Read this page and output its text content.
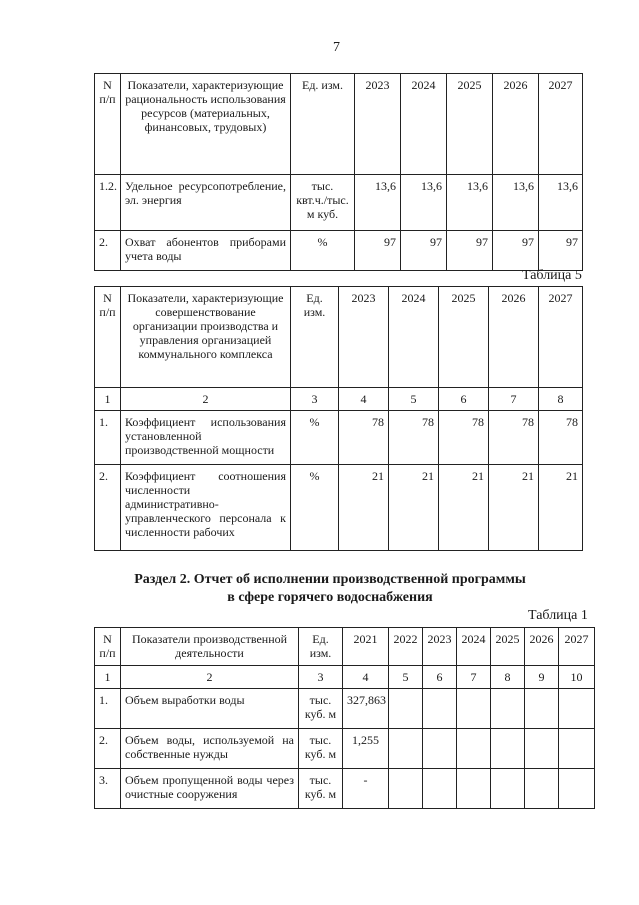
7
N п/п	Показатели, характеризующие рациональность использования ресурсов (материальных, финансовых, трудовых)	Ед. изм.	2023	2024	2025	2026	2027
1.2.	Удельное ресурсопотребление, эл. энергия	тыс. квт.ч./тыс. м куб.	13,6	13,6	13,6	13,6	13,6
2.	Охват абонентов приборами учета воды	%	97	97	97	97	97
Таблица 5
N п/п	Показатели, характеризующие совершенствование организации производства и управления организацией коммунального комплекса	Ед. изм.	2023	2024	2025	2026	2027
1	2	3	4	5	6	7	8
1.	Коэффициент использования установленной производственной мощности	%	78	78	78	78	78
2.	Коэффициент соотношения численности административно-управленческого персонала к численности рабочих	%	21	21	21	21	21
Раздел 2. Отчет об исполнении производственной программы
в сфере горячего водоснабжения
Таблица 1
N п/п	Показатели производственной деятельности	Ед. изм.	2021	2022	2023	2024	2025	2026	2027
1	2	3	4	5	6	7	8	9	10
1.	Объем выработки воды	тыс. куб. м	327,863						
2.	Объем воды, используемой на собственные нужды	тыс. куб. м	1,255						
3.	Объем пропущенной воды через очистные сооружения	тыс. куб. м	-						
